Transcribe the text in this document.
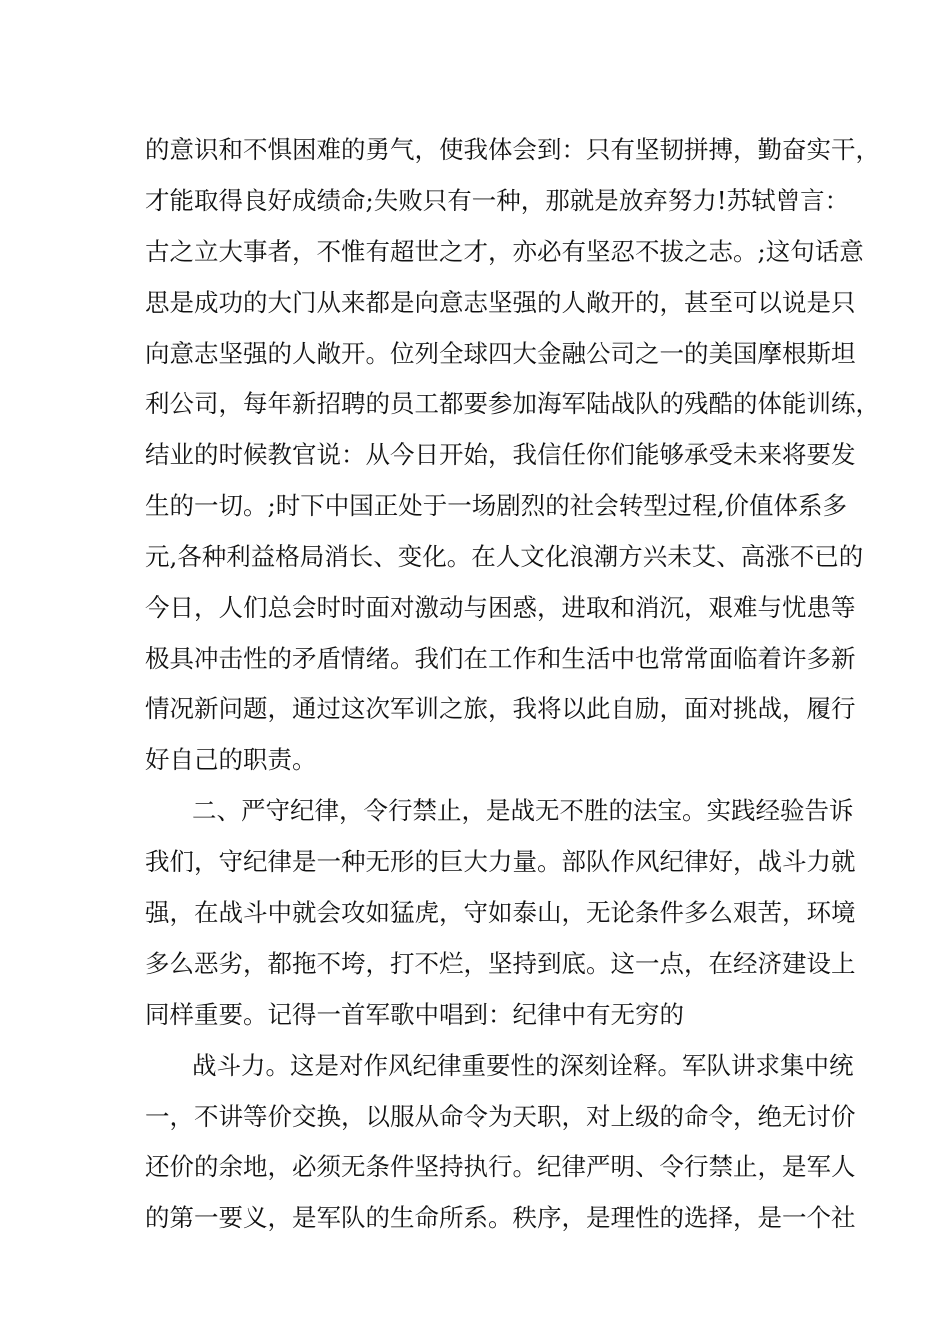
的意识和不惧困难的勇气，使我体会到：只有坚韧拼搏，勤奋实干，
才能取得良好成绩命;失败只有一种，那就是放弃努力!苏轼曾言：
古之立大事者，不惟有超世之才，亦必有坚忍不拔之志。;这句话意
思是成功的大门从来都是向意志坚强的人敞开的，甚至可以说是只
向意志坚强的人敞开。位列全球四大金融公司之一的美国摩根斯坦
利公司，每年新招聘的员工都要参加海军陆战队的残酷的体能训练，
结业的时候教官说：从今日开始，我信任你们能够承受未来将要发
生的一切。;时下中国正处于一场剧烈的社会转型过程,价值体系多
元,各种利益格局消长、变化。在人文化浪潮方兴未艾、高涨不已的
今日，人们总会时时面对激动与困惑，进取和消沉，艰难与忧患等
极具冲击性的矛盾情绪。我们在工作和生活中也常常面临着许多新
情况新问题，通过这次军训之旅，我将以此自励，面对挑战，履行
好自己的职责。
二、严守纪律，令行禁止，是战无不胜的法宝。实践经验告诉
我们，守纪律是一种无形的巨大力量。部队作风纪律好，战斗力就
强，在战斗中就会攻如猛虎，守如泰山，无论条件多么艰苦，环境
多么恶劣，都拖不垮，打不烂，坚持到底。这一点，在经济建设上
同样重要。记得一首军歌中唱到：纪律中有无穷的
战斗力。这是对作风纪律重要性的深刻诠释。军队讲求集中统
一，不讲等价交换，以服从命令为天职，对上级的命令，绝无讨价
还价的余地，必须无条件坚持执行。纪律严明、令行禁止，是军人
的第一要义，是军队的生命所系。秩序，是理性的选择，是一个社
